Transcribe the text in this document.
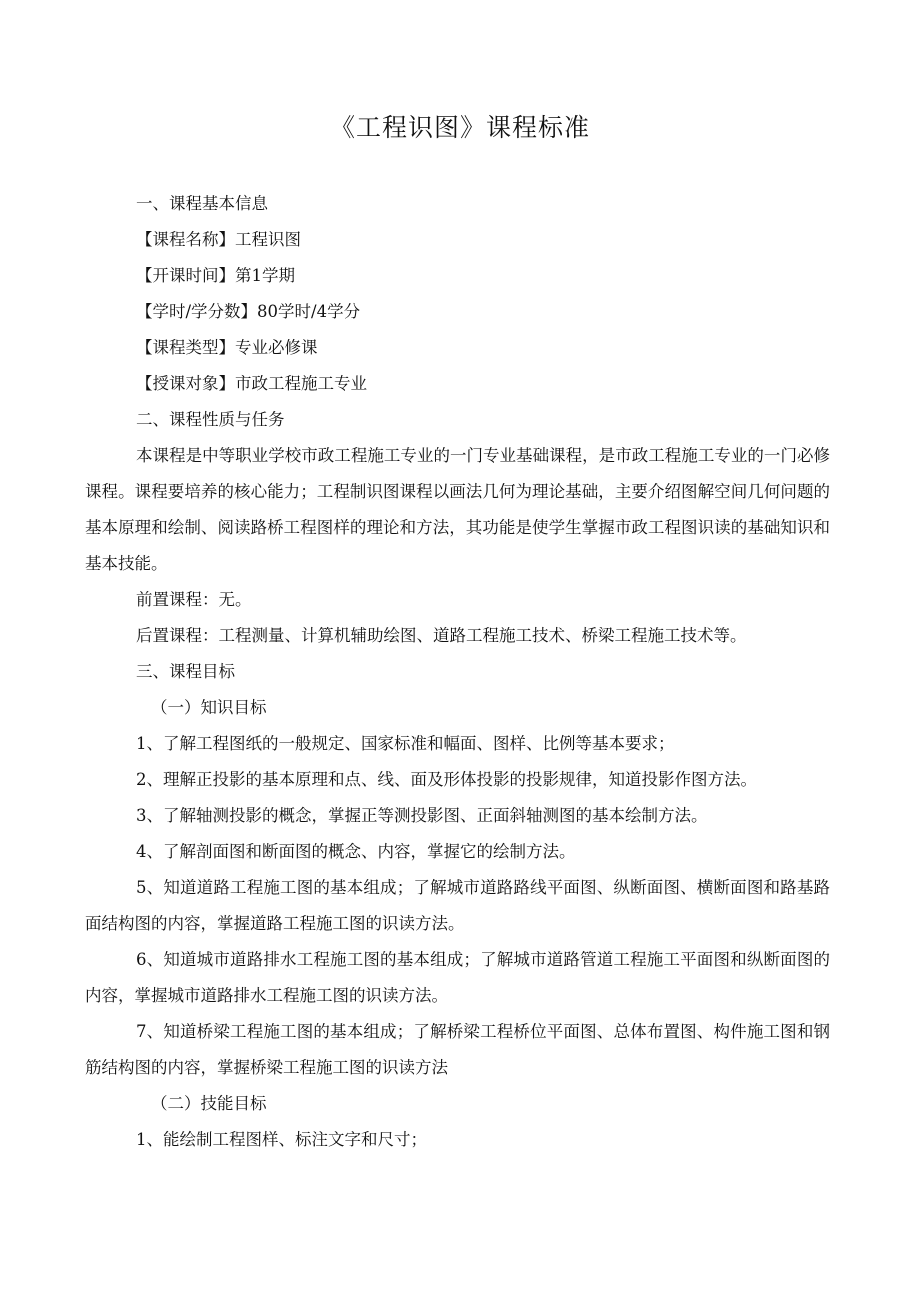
《工程识图》课程标准

一、课程基本信息

【课程名称】工程识图

【开课时间】第1学期

【学时/学分数】80学时/4学分

【课程类型】专业必修课

【授课对象】市政工程施工专业

二、课程性质与任务

本课程是中等职业学校市政工程施工专业的一门专业基础课程，是市政工程施工专业的一门必修课程。课程要培养的核心能力；工程制识图课程以画法几何为理论基础，主要介绍图解空间几何问题的基本原理和绘制、阅读路桥工程图样的理论和方法，其功能是使学生掌握市政工程图识读的基础知识和基本技能。

前置课程：无。

后置课程：工程测量、计算机辅助绘图、道路工程施工技术、桥梁工程施工技术等。

三、课程目标

（一）知识目标

1、了解工程图纸的一般规定、国家标准和幅面、图样、比例等基本要求；

2、理解正投影的基本原理和点、线、面及形体投影的投影规律，知道投影作图方法。

3、了解轴测投影的概念，掌握正等测投影图、正面斜轴测图的基本绘制方法。

4、了解剖面图和断面图的概念、内容，掌握它的绘制方法。

5、知道道路工程施工图的基本组成；了解城市道路路线平面图、纵断面图、横断面图和路基路面结构图的内容，掌握道路工程施工图的识读方法。

6、知道城市道路排水工程施工图的基本组成；了解城市道路管道工程施工平面图和纵断面图的内容，掌握城市道路排水工程施工图的识读方法。

7、知道桥梁工程施工图的基本组成；了解桥梁工程桥位平面图、总体布置图、构件施工图和钢筋结构图的内容，掌握桥梁工程施工图的识读方法

（二）技能目标

1、能绘制工程图样、标注文字和尺寸；
